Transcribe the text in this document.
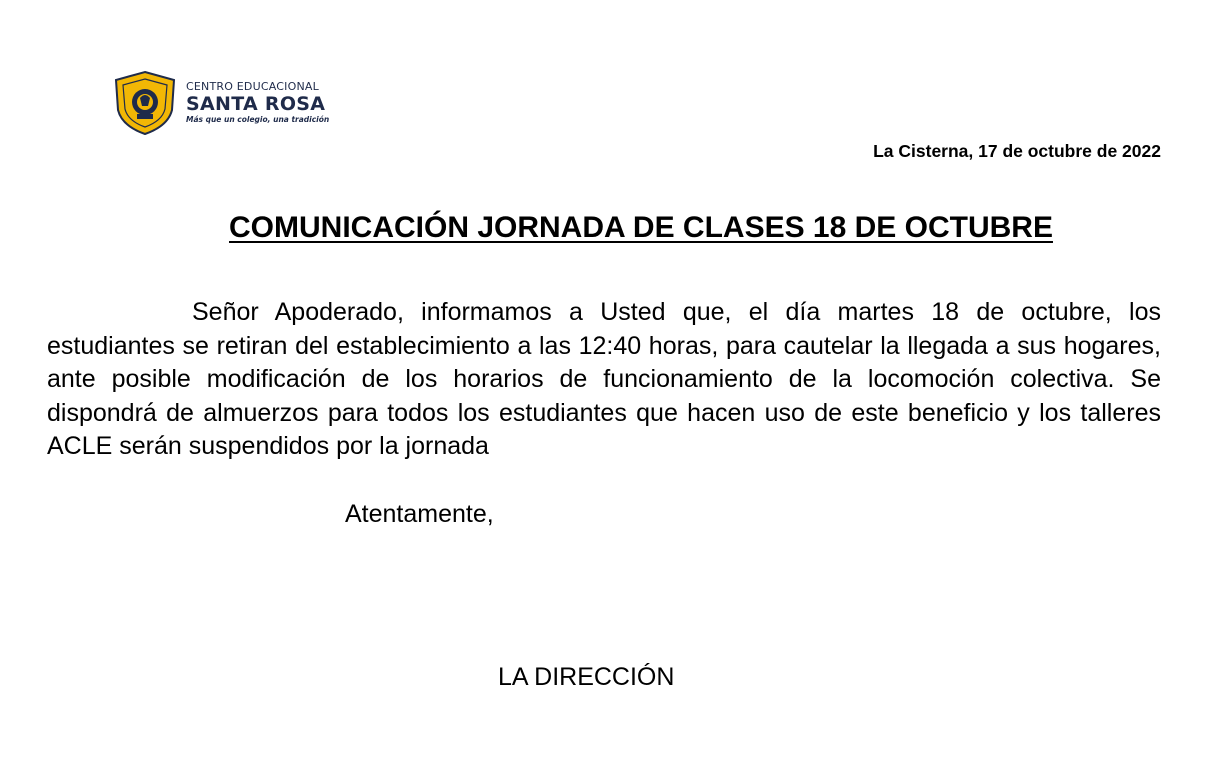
CENTRO EDUCACIONAL
SANTA ROSA
Más que un colegio, una tradición
La Cisterna, 17 de octubre de 2022
COMUNICACIÓN JORNADA DE CLASES 18 DE OCTUBRE

Señor Apoderado, informamos a Usted que, el día martes 18 de octubre, los estudiantes se retiran del establecimiento a las 12:40 horas, para cautelar la llegada a sus hogares, ante posible modificación de los horarios de funcionamiento de la locomoción colectiva. Se dispondrá de almuerzos para todos los estudiantes que hacen uso de este beneficio y los talleres ACLE serán suspendidos por la jornada

Atentamente,
LA DIRECCIÓN
